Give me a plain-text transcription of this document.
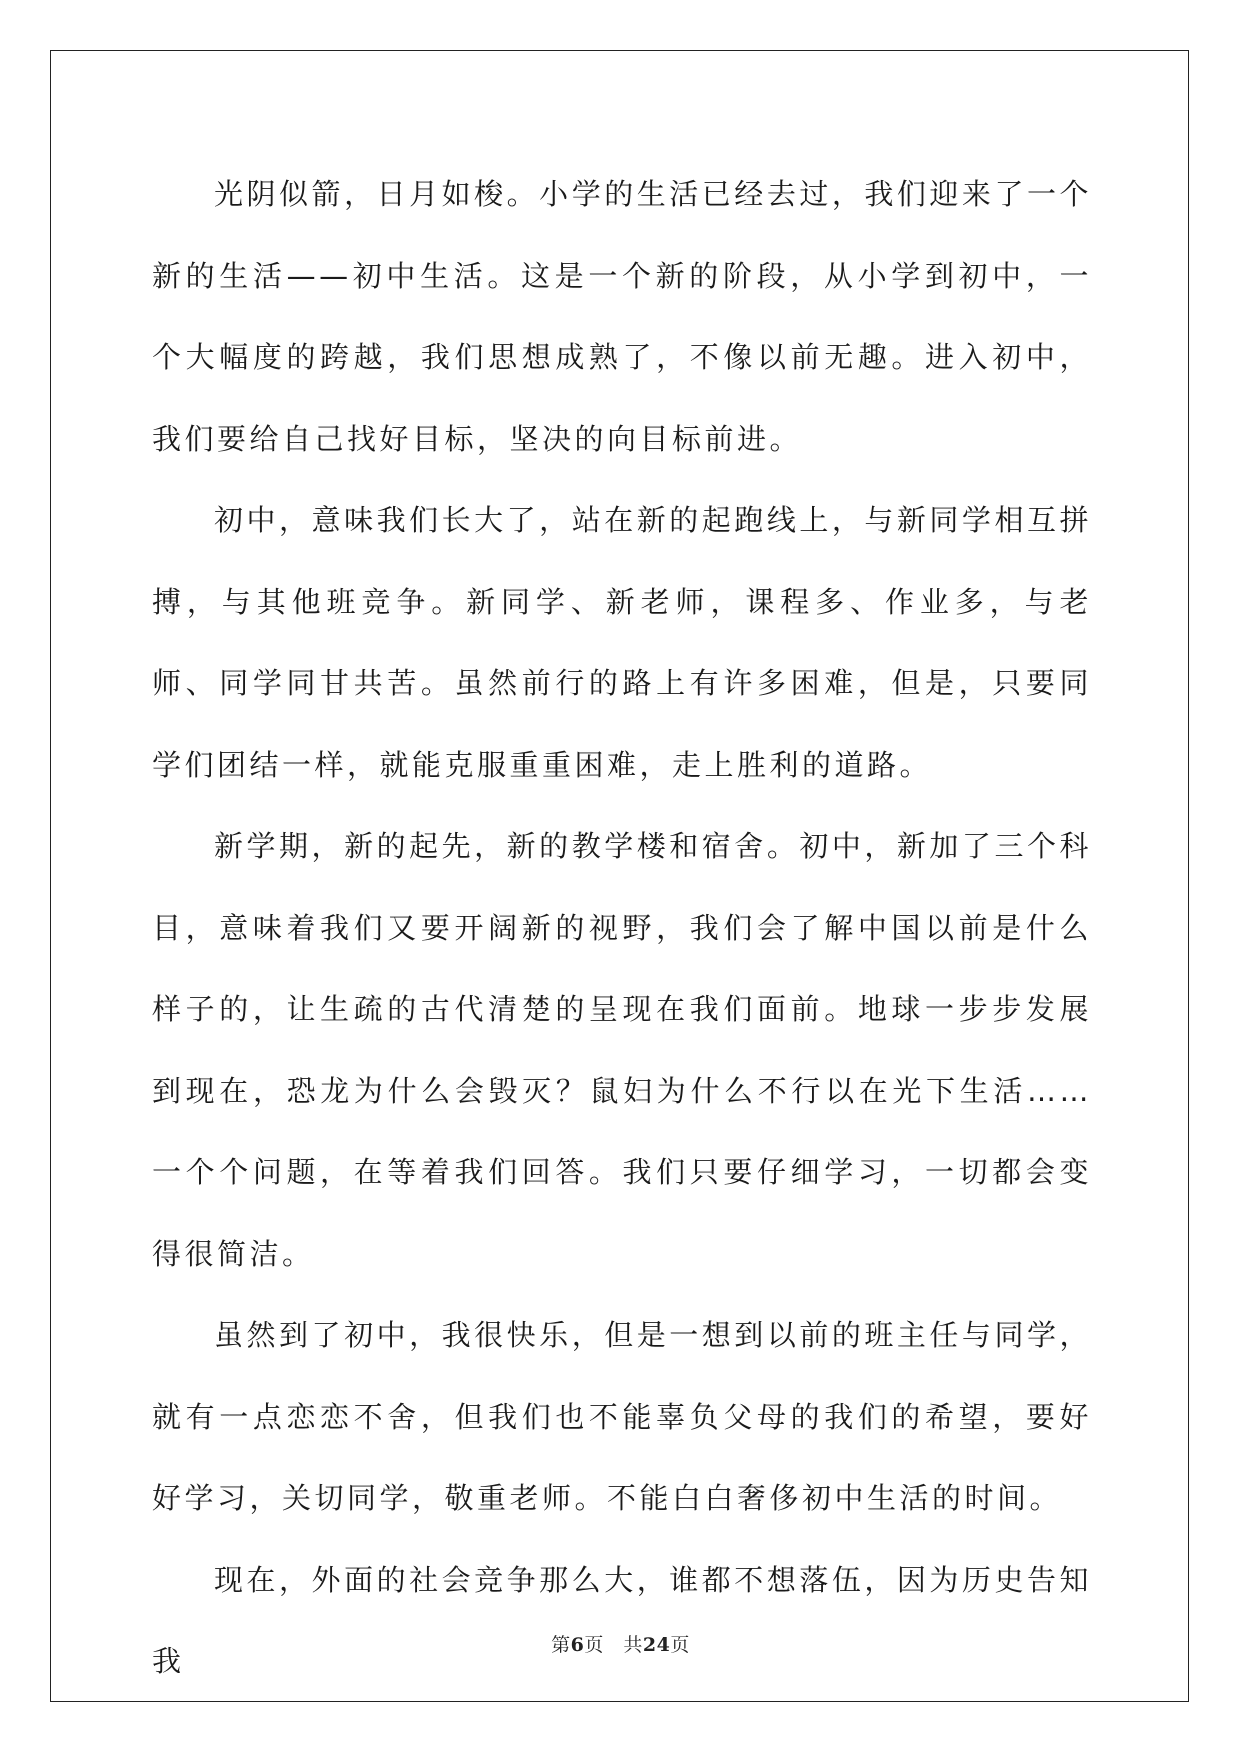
光阴似箭，日月如梭。小学的生活已经去过，我们迎来了一个新的生活——初中生活。这是一个新的阶段，从小学到初中，一个大幅度的跨越，我们思想成熟了，不像以前无趣。进入初中，我们要给自己找好目标，坚决的向目标前进。

初中，意味我们长大了，站在新的起跑线上，与新同学相互拼搏，与其他班竞争。新同学、新老师，课程多、作业多，与老师、同学同甘共苦。虽然前行的路上有许多困难，但是，只要同学们团结一样，就能克服重重困难，走上胜利的道路。

新学期，新的起先，新的教学楼和宿舍。初中，新加了三个科目，意味着我们又要开阔新的视野，我们会了解中国以前是什么样子的，让生疏的古代清楚的呈现在我们面前。地球一步步发展到现在，恐龙为什么会毁灭？鼠妇为什么不行以在光下生活……一个个问题，在等着我们回答。我们只要仔细学习，一切都会变得很简洁。

虽然到了初中，我很快乐，但是一想到以前的班主任与同学，就有一点恋恋不舍，但我们也不能辜负父母的我们的希望，要好好学习，关切同学，敬重老师。不能白白奢侈初中生活的时间。

现在，外面的社会竞争那么大，谁都不想落伍，因为历史告知我	第6页　共24页
